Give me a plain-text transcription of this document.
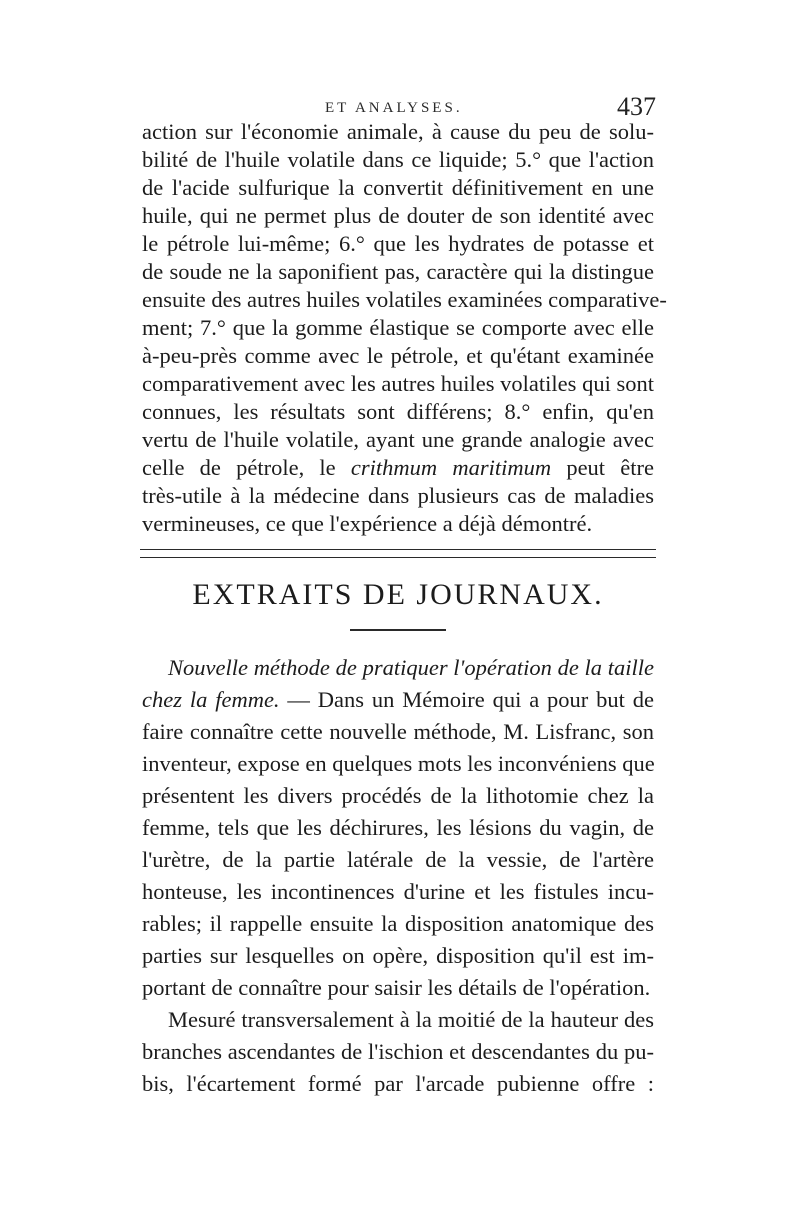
ET ANALYSES.	437
action sur l'économie animale, à cause du peu de solu-
bilité de l'huile volatile dans ce liquide; 5.° que l'action
de l'acide sulfurique la convertit définitivement en une
huile, qui ne permet plus de douter de son identité avec
le pétrole lui-même; 6.° que les hydrates de potasse et
de soude ne la saponifient pas, caractère qui la distingue
ensuite des autres huiles volatiles examinées comparative-
ment; 7.° que la gomme élastique se comporte avec elle
à-peu-près comme avec le pétrole, et qu'étant examinée
comparativement avec les autres huiles volatiles qui sont
connues, les résultats sont différens; 8.° enfin, qu'en
vertu de l'huile volatile, ayant une grande analogie avec
celle de pétrole, le crithmum maritimum peut être
très-utile à la médecine dans plusieurs cas de maladies
vermineuses, ce que l'expérience a déjà démontré.
EXTRAITS DE JOURNAUX.
Nouvelle méthode de pratiquer l'opération de la taille
chez la femme. — Dans un Mémoire qui a pour but de
faire connaître cette nouvelle méthode, M. Lisfranc, son
inventeur, expose en quelques mots les inconvéniens que
présentent les divers procédés de la lithotomie chez la
femme, tels que les déchirures, les lésions du vagin, de
l'urètre, de la partie latérale de la vessie, de l'artère
honteuse, les incontinences d'urine et les fistules incu-
rables; il rappelle ensuite la disposition anatomique des
parties sur lesquelles on opère, disposition qu'il est im-
portant de connaître pour saisir les détails de l'opération.
Mesuré transversalement à la moitié de la hauteur des
branches ascendantes de l'ischion et descendantes du pu-
bis, l'écartement formé par l'arcade pubienne offre :
